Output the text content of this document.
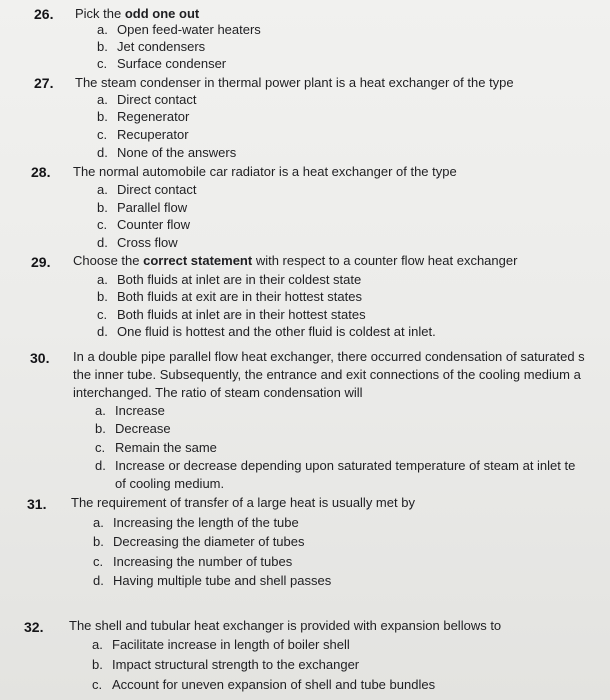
26. Pick the odd one out
a. Open feed-water heaters
b. Jet condensers
c. Surface condenser
27. The steam condenser in thermal power plant is a heat exchanger of the type
a. Direct contact
b. Regenerator
c. Recuperator
d. None of the answers
28. The normal automobile car radiator is a heat exchanger of the type
a. Direct contact
b. Parallel flow
c. Counter flow
d. Cross flow
29. Choose the correct statement with respect to a counter flow heat exchanger
a. Both fluids at inlet are in their coldest state
b. Both fluids at exit are in their hottest states
c. Both fluids at inlet are in their hottest states
d. One fluid is hottest and the other fluid is coldest at inlet.
30. In a double pipe parallel flow heat exchanger, there occurred condensation of saturated s
the inner tube. Subsequently, the entrance and exit connections of the cooling medium a
interchanged. The ratio of steam condensation will
a. Increase
b. Decrease
c. Remain the same
d. Increase or decrease depending upon saturated temperature of steam at inlet te
of cooling medium.
31. The requirement of transfer of a large heat is usually met by
a. Increasing the length of the tube
b. Decreasing the diameter of tubes
c. Increasing the number of tubes
d. Having multiple tube and shell passes
32. The shell and tubular heat exchanger is provided with expansion bellows to
a. Facilitate increase in length of boiler shell
b. Impact structural strength to the exchanger
c. Account for uneven expansion of shell and tube bundles
